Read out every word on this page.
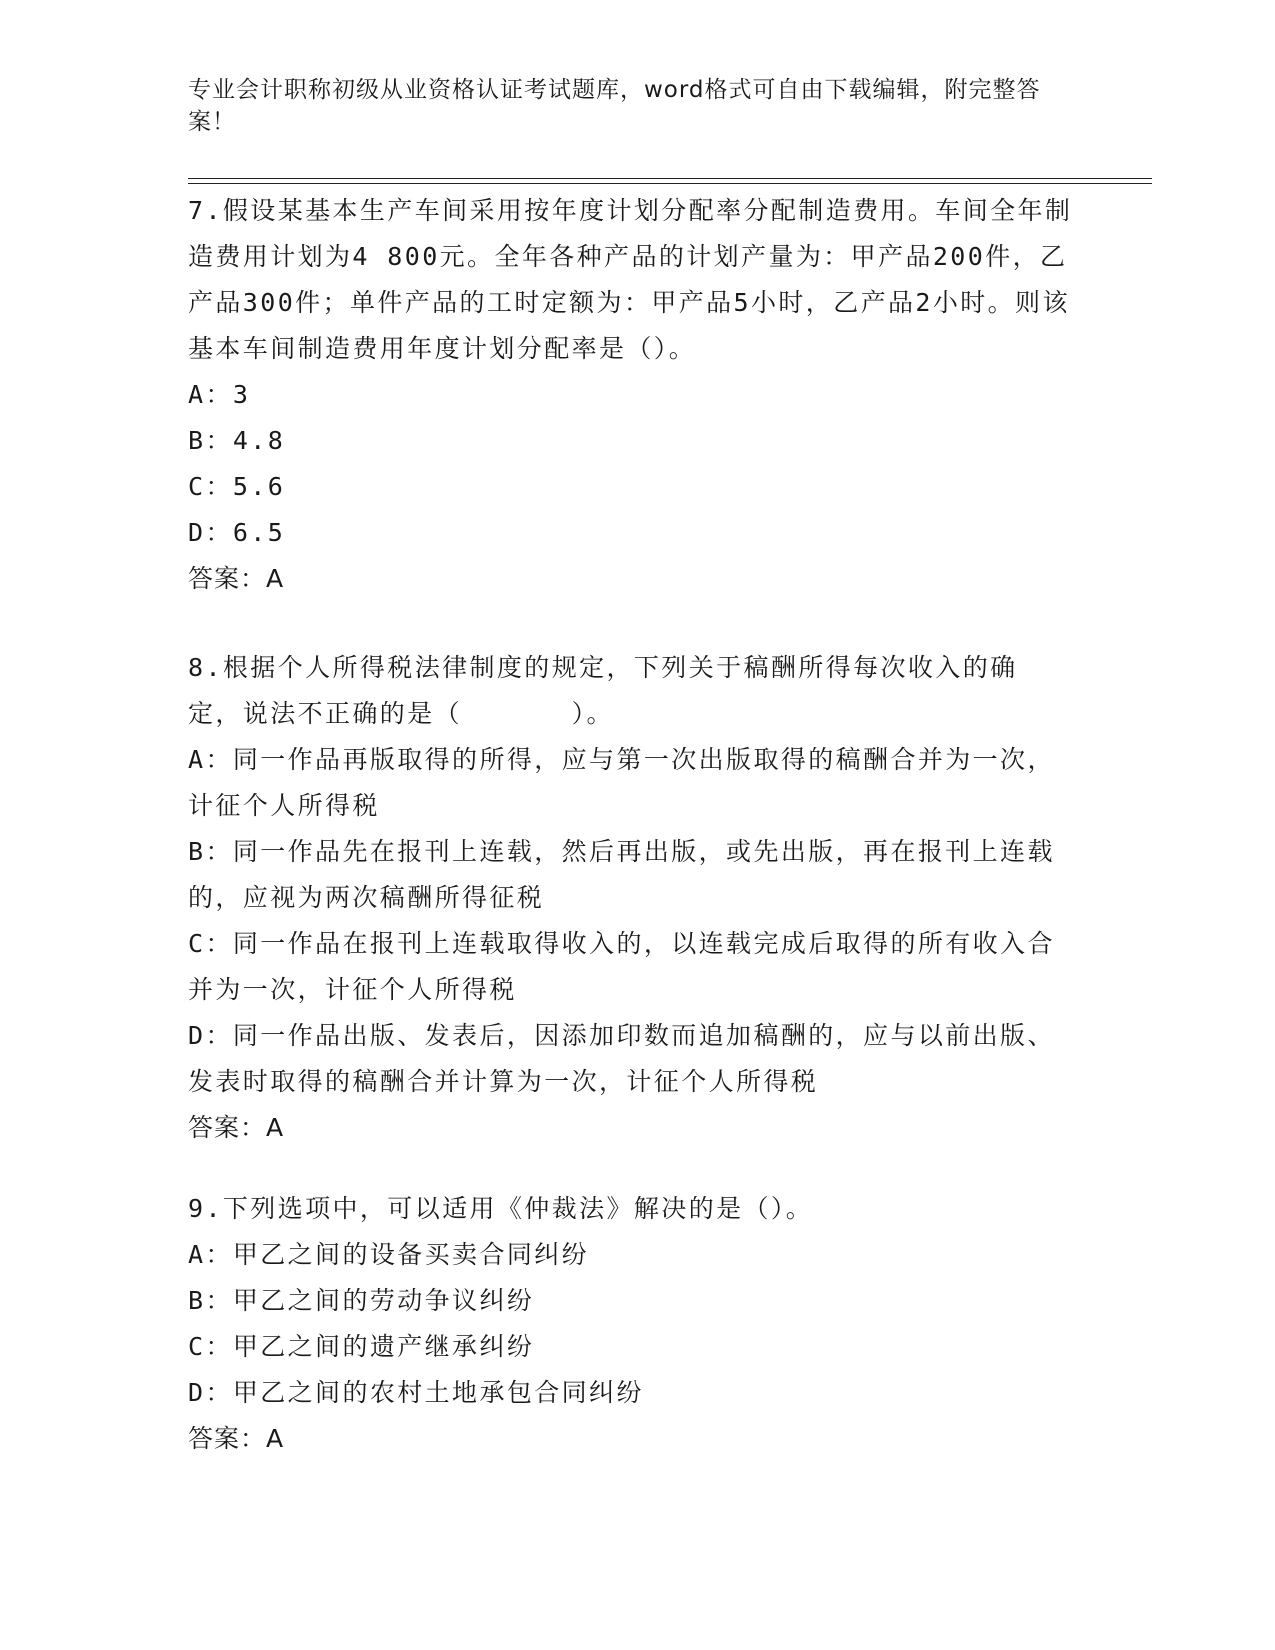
专业会计职称初级从业资格认证考试题库，word格式可自由下载编辑，附完整答案！
7.假设某基本生产车间采用按年度计划分配率分配制造费用。车间全年制造费用计划为4 800元。全年各种产品的计划产量为：甲产品200件，乙产品300件；单件产品的工时定额为：甲产品5小时，乙产品2小时。则该基本车间制造费用年度计划分配率是（）。
A：3
B：4.8
C：5.6
D：6.5
答案：A
8.根据个人所得税法律制度的规定，下列关于稿酬所得每次收入的确定，说法不正确的是（　　　　）。
A：同一作品再版取得的所得，应与第一次出版取得的稿酬合并为一次，计征个人所得税
B：同一作品先在报刊上连载，然后再出版，或先出版，再在报刊上连载的，应视为两次稿酬所得征税
C：同一作品在报刊上连载取得收入的，以连载完成后取得的所有收入合并为一次，计征个人所得税
D：同一作品出版、发表后，因添加印数而追加稿酬的，应与以前出版、发表时取得的稿酬合并计算为一次，计征个人所得税
答案：A
9.下列选项中，可以适用《仲裁法》解决的是（）。
A：甲乙之间的设备买卖合同纠纷
B：甲乙之间的劳动争议纠纷
C：甲乙之间的遗产继承纠纷
D：甲乙之间的农村土地承包合同纠纷
答案：A
